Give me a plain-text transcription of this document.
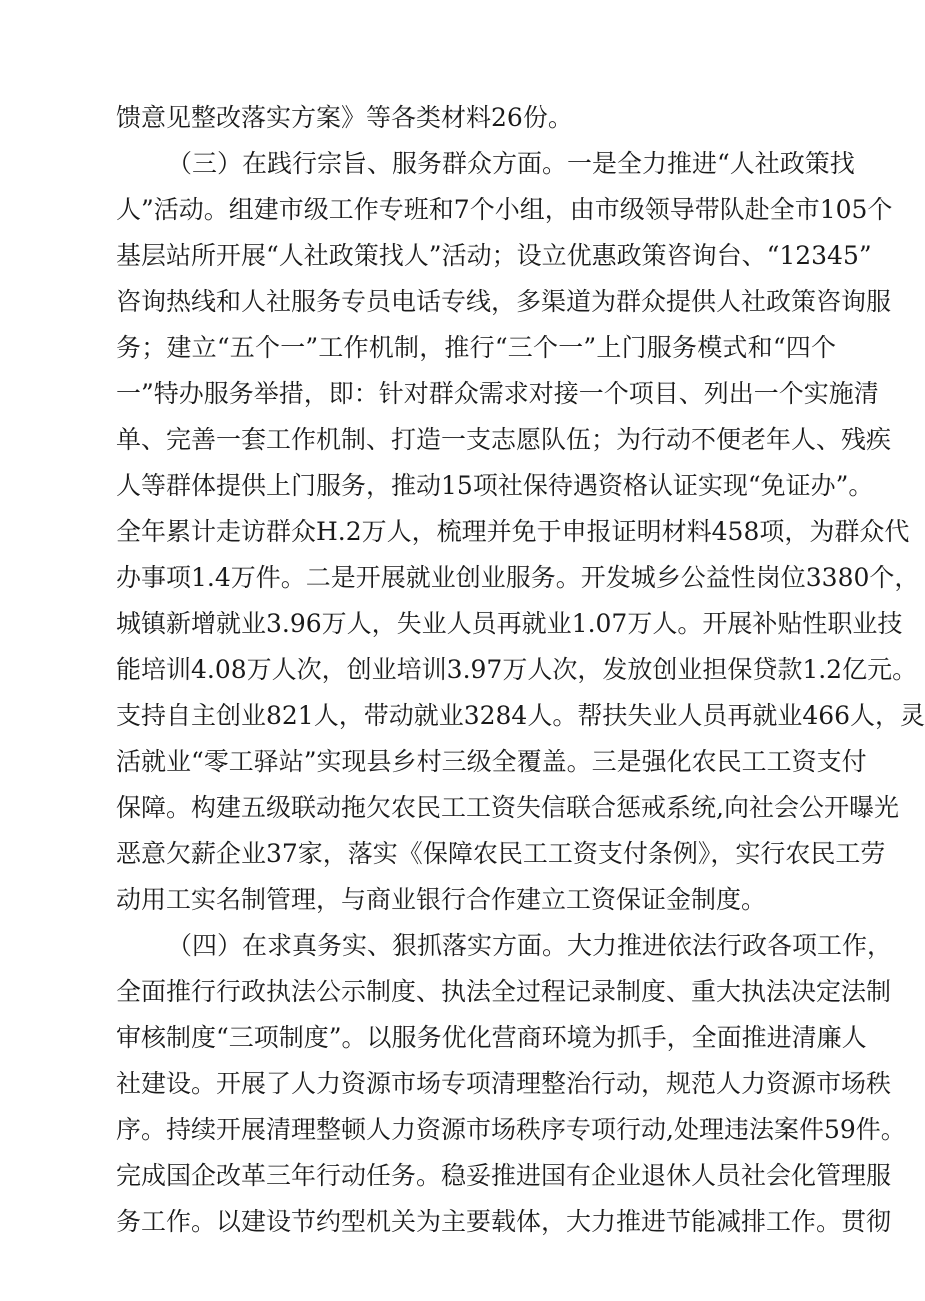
馈意见整改落实方案》等各类材料26份。
（三）在践行宗旨、服务群众方面。一是全力推进“人社政策找
人”活动。组建市级工作专班和7个小组，由市级领导带队赴全市105个
基层站所开展“人社政策找人”活动；设立优惠政策咨询台、“12345”
咨询热线和人社服务专员电话专线，多渠道为群众提供人社政策咨询服
务；建立“五个一”工作机制，推行“三个一”上门服务模式和“四个
一”特办服务举措，即：针对群众需求对接一个项目、列出一个实施清
单、完善一套工作机制、打造一支志愿队伍；为行动不便老年人、残疾
人等群体提供上门服务，推动15项社保待遇资格认证实现“免证办”。
全年累计走访群众H.2万人，梳理并免于申报证明材料458项，为群众代
办事项1.4万件。二是开展就业创业服务。开发城乡公益性岗位3380个，
城镇新增就业3.96万人，失业人员再就业1.07万人。开展补贴性职业技
能培训4.08万人次，创业培训3.97万人次，发放创业担保贷款1.2亿元。
支持自主创业821人，带动就业3284人。帮扶失业人员再就业466人，灵
活就业“零工驿站”实现县乡村三级全覆盖。三是强化农民工工资支付
保障。构建五级联动拖欠农民工工资失信联合惩戒系统,向社会公开曝光
恶意欠薪企业37家，落实《保障农民工工资支付条例》，实行农民工劳
动用工实名制管理，与商业银行合作建立工资保证金制度。
（四）在求真务实、狠抓落实方面。大力推进依法行政各项工作，
全面推行行政执法公示制度、执法全过程记录制度、重大执法决定法制
审核制度“三项制度”。以服务优化营商环境为抓手，全面推进清廉人
社建设。开展了人力资源市场专项清理整治行动，规范人力资源市场秩
序。持续开展清理整顿人力资源市场秩序专项行动,处理违法案件59件。
完成国企改革三年行动任务。稳妥推进国有企业退休人员社会化管理服
务工作。以建设节约型机关为主要载体，大力推进节能减排工作。贯彻
